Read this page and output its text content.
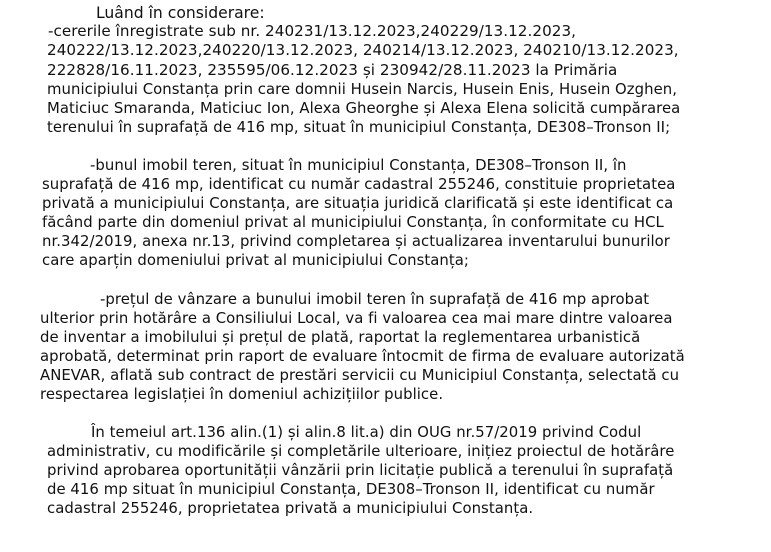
Luând în considerare:
-cererile înregistrate sub nr. 240231/13.12.2023,240229/13.12.2023,
240222/13.12.2023,240220/13.12.2023, 240214/13.12.2023, 240210/13.12.2023,
222828/16.11.2023, 235595/06.12.2023 și 230942/28.11.2023 la Primăria
municipiului Constanța prin care domnii Husein Narcis, Husein Enis, Husein Ozghen,
Maticiuc Smaranda, Maticiuc Ion, Alexa Gheorghe și Alexa Elena solicită cumpărarea
terenului în suprafață de 416 mp, situat în municipiul Constanța, DE308–Tronson II;
-bunul imobil teren, situat în municipiul Constanța, DE308–Tronson II, în
suprafață de 416 mp, identificat cu număr cadastral 255246, constituie proprietatea
privată a municipiului Constanța, are situația juridică clarificată și este identificat ca
făcând parte din domeniul privat al municipiului Constanța, în conformitate cu HCL
nr.342/2019, anexa nr.13, privind completarea și actualizarea inventarului bunurilor
care aparțin domeniului privat al municipiului Constanța;
-prețul de vânzare a bunului imobil teren în suprafață de 416 mp aprobat
ulterior prin hotărâre a Consiliului Local, va fi valoarea cea mai mare dintre valoarea
de inventar a imobilului și prețul de plată, raportat la reglementarea urbanistică
aprobată, determinat prin raport de evaluare întocmit de firma de evaluare autorizată
ANEVAR, aflată sub contract de prestări servicii cu Municipiul Constanța, selectată cu
respectarea legislației în domeniul achizițiilor publice.
În temeiul art.136 alin.(1) și alin.8 lit.a) din OUG nr.57/2019 privind Codul
administrativ, cu modificările și completările ulterioare, inițiez proiectul de hotărâre
privind aprobarea oportunității vânzării prin licitație publică a terenului în suprafață
de 416 mp situat în municipiul Constanța, DE308–Tronson II, identificat cu număr
cadastral 255246, proprietatea privată a municipiului Constanța.
